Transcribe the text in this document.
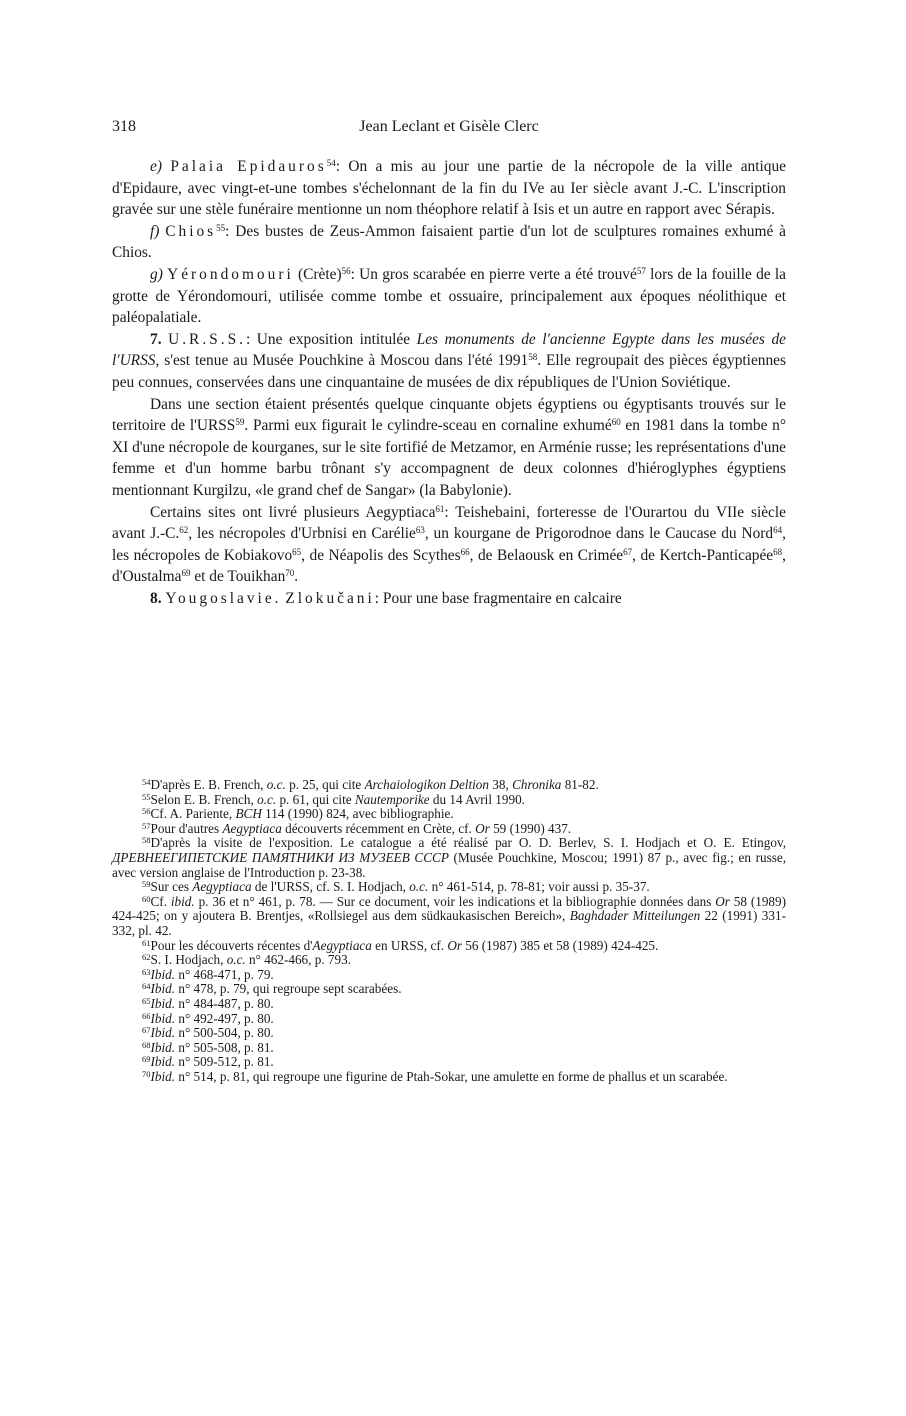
318	Jean Leclant et Gisèle Clerc

e) Palaia Epidauros$^{54}$: On a mis au jour une partie de la nécropole de la ville antique d'Epidaure, avec vingt-et-une tombes s'échelonnant de la fin du IVe au Ier siècle avant J.-C. L'inscription gravée sur une stèle funéraire mentionne un nom théophore relatif à Isis et un autre en rapport avec Sérapis.

f) Chios$^{55}$: Des bustes de Zeus-Ammon faisaient partie d'un lot de sculptures romaines exhumé à Chios.

g) Yérondomouri (Crète)$^{56}$: Un gros scarabée en pierre verte a été trouvé$^{57}$ lors de la fouille de la grotte de Yérondomouri, utilisée comme tombe et ossuaire, principalement aux époques néolithique et paléopalatiale.

7. U.R.S.S.: Une exposition intitulée Les monuments de l'ancienne Egypte dans les musées de l'URSS, s'est tenue au Musée Pouchkine à Moscou dans l'été 1991$^{58}$. Elle regroupait des pièces égyptiennes peu connues, conservées dans une cinquantaine de musées de dix républiques de l'Union Soviétique.

Dans une section étaient présentés quelque cinquante objets égyptiens ou égyptisants trouvés sur le territoire de l'URSS$^{59}$. Parmi eux figurait le cylindre-sceau en cornaline exhumé$^{60}$ en 1981 dans la tombe n° XI d'une nécropole de kourganes, sur le site fortifié de Metzamor, en Arménie russe; les représentations d'une femme et d'un homme barbu trônant s'y accompagnent de deux colonnes d'hiéroglyphes égyptiens mentionnant Kurgilzu, «le grand chef de Sangar» (la Babylonie).

Certains sites ont livré plusieurs Aegyptiaca$^{61}$: Teishebaini, forteresse de l'Ourartou du VIIe siècle avant J.-C.$^{62}$, les nécropoles d'Urbnisi en Carélie$^{63}$, un kourgane de Prigorodnoe dans le Caucase du Nord$^{64}$, les nécropoles de Kobiakovo$^{65}$, de Néapolis des Scythes$^{66}$, de Belaousk en Crimée$^{67}$, de Kertch-Panticapée$^{68}$, d'Oustalma$^{69}$ et de Touikhan$^{70}$.

8. Yougoslavie. Zlokučani: Pour une base fragmentaire en calcaire

$^{54}$D'après E. B. French, o.c. p. 25, qui cite Archaiologikon Deltion 38, Chronika 81-82.

$^{55}$Selon E. B. French, o.c. p. 61, qui cite Nautemporike du 14 Avril 1990.

$^{56}$Cf. A. Pariente, BCH 114 (1990) 824, avec bibliographie.

$^{57}$Pour d'autres Aegyptiaca découverts récemment en Crète, cf. Or 59 (1990) 437.

$^{58}$D'après la visite de l'exposition. Le catalogue a été réalisé par O. D. Berlev, S. I. Hodjach et O. E. Etingov, ДРЕВНЕЕГИПЕТСКИЕ ПАМЯТНИКИ ИЗ МУЗЕЕВ СССР (Musée Pouchkine, Moscou; 1991) 87 p., avec fig.; en russe, avec version anglaise de l'Introduction p. 23-38.

$^{59}$Sur ces Aegyptiaca de l'URSS, cf. S. I. Hodjach, o.c. n° 461-514, p. 78-81; voir aussi p. 35-37.

$^{60}$Cf. ibid. p. 36 et n° 461, p. 78. — Sur ce document, voir les indications et la bibliographie données dans Or 58 (1989) 424-425; on y ajoutera B. Brentjes, «Rollsiegel aus dem südkaukasischen Bereich», Baghdader Mitteilungen 22 (1991) 331-332, pl. 42.

$^{61}$Pour les découverts récentes d'Aegyptiaca en URSS, cf. Or 56 (1987) 385 et 58 (1989) 424-425.

$^{62}$S. I. Hodjach, o.c. n° 462-466, p. 793.

$^{63}$Ibid. n° 468-471, p. 79.

$^{64}$Ibid. n° 478, p. 79, qui regroupe sept scarabées.

$^{65}$Ibid. n° 484-487, p. 80.

$^{66}$Ibid. n° 492-497, p. 80.

$^{67}$Ibid. n° 500-504, p. 80.

$^{68}$Ibid. n° 505-508, p. 81.

$^{69}$Ibid. n° 509-512, p. 81.

$^{70}$Ibid. n° 514, p. 81, qui regroupe une figurine de Ptah-Sokar, une amulette en forme de phallus et un scarabée.
